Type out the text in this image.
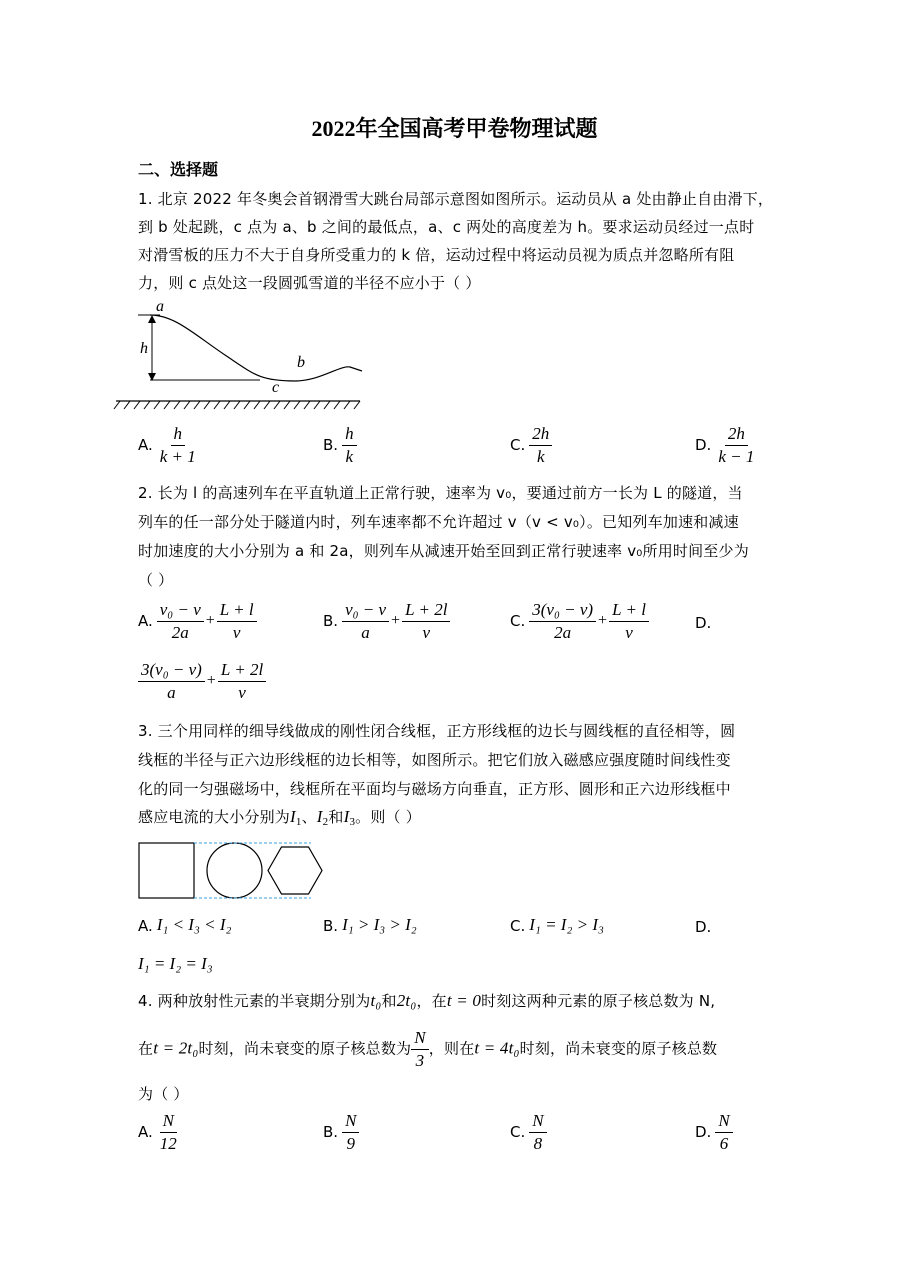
2022年全国高考甲卷物理试题
二、选择题
1. 北京 2022 年冬奥会首钢滑雪大跳台局部示意图如图所示。运动员从 a 处由静止自由滑下，
到 b 处起跳，c 点为 a、b 之间的最低点，a、c 两处的高度差为 h。要求运动员经过一点时
对滑雪板的压力不大于自身所受重力的 k 倍，运动过程中将运动员视为质点并忽略所有阻
力，则 c 点处这一段圆弧雪道的半径不应小于（ ）
a
h
b
c
A. $\frac{h}{k + 1}$	B. $\frac{h}{k}$	C. $\frac{2h}{k}$	D. $\frac{2h}{k - 1}$
2. 长为 l 的高速列车在平直轨道上正常行驶，速率为 v₀，要通过前方一长为 L 的隧道，当
列车的任一部分处于隧道内时，列车速率都不允许超过 v（v < v₀）。已知列车加速和减速
时加速度的大小分别为 a 和 2a，则列车从减速开始至回到正常行驶速率 v₀所用时间至少为
（ ）
A. $\frac{\text{v₀ − v}}{2a} + \frac{L + l}{v}$	B. $\frac{\text{v₀ − v}}{a} + \frac{L + 2l}{v}$	C. $\frac{\text{3(v₀ − v)}}{2a} + \frac{L + l}{v}$	D.
$\frac{\text{3(v₀ − v)}}{a} + \frac{L + 2l}{v}$
3. 三个用同样的细导线做成的刚性闭合线框，正方形线框的边长与圆线框的直径相等，圆
线框的半径与正六边形线框的边长相等，如图所示。把它们放入磁感应强度随时间线性变
化的同一匀强磁场中，线框所在平面均与磁场方向垂直，正方形、圆形和正六边形线框中
感应电流的大小分别为$I_1$、$I_2$和$I_3$。则（ ）
A. I₁ < I₃ < I₂	B. I₁ > I₃ > I₂	C. I₁ = I₂ > I₃	D.
I₁ = I₂ = I₃
4. 两种放射性元素的半衰期分别为t₀和2t₀，在t = 0时刻这两种元素的原子核总数为 N,
在t = 2t₀时刻，尚未衰变的原子核总数为 $\frac{N}{3}$ ，则在t = 4t₀时刻，尚未衰变的原子核总数
为（ ）
A. $\frac{N}{12}$	B. $\frac{N}{9}$	C. $\frac{N}{8}$	D. $\frac{N}{6}$
